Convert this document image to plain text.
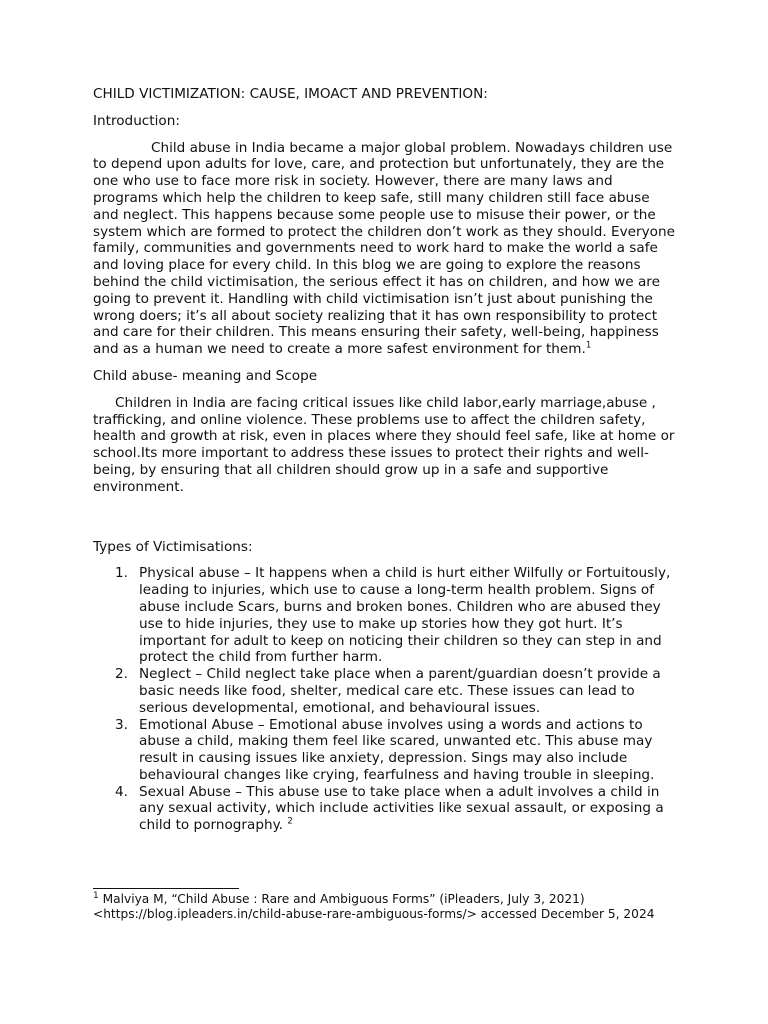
CHILD VICTIMIZATION: CAUSE, IMOACT AND PREVENTION:

Introduction:

Child abuse in India became a major global problem. Nowadays children use to depend upon adults for love, care, and protection but unfortunately, they are the one who use to face more risk in society. However, there are many laws and programs which help the children to keep safe, still many children still face abuse and neglect. This happens because some people use to misuse their power, or the system which are formed to protect the children don’t work as they should. Everyone family, communities and governments need to work hard to make the world a safe and loving place for every child. In this blog we are going to explore the reasons behind the child victimisation, the serious effect it has on children, and how we are going to prevent it. Handling with child victimisation isn’t just about punishing the wrong doers; it’s all about society realizing that it has own responsibility to protect and care for their children. This means ensuring their safety, well-being, happiness and as a human we need to create a more safest environment for them.$^1$

Child abuse- meaning and Scope

Children in India are facing critical issues like child labor,early marriage,abuse , trafficking, and online violence. These problems use to affect the children safety, health and growth at risk, even in places where they should feel safe, like at home or school.Its more important to address these issues to protect their rights and well-being, by ensuring that all children should grow up in a safe and supportive environment.

Types of Victimisations:

1. Physical abuse – It happens when a child is hurt either Wilfully or Fortuitously, leading to injuries, which use to cause a long-term health problem. Signs of abuse include Scars, burns and broken bones. Children who are abused they use to hide injuries, they use to make up stories how they got hurt. It’s important for adult to keep on noticing their children so they can step in and protect the child from further harm.
2. Neglect – Child neglect take place when a parent/guardian doesn’t provide a basic needs like food, shelter, medical care etc. These issues can lead to serious developmental, emotional, and behavioural issues.
3. Emotional Abuse – Emotional abuse involves using a words and actions to abuse a child, making them feel like scared, unwanted etc. This abuse may result in causing issues like anxiety, depression. Sings may also include behavioural changes like crying, fearfulness and having trouble in sleeping.
4. Sexual Abuse – This abuse use to take place when a adult involves a child in any sexual activity, which include activities like sexual assault, or exposing a child to pornography. $^2$
$^1$ Malviya M, “Child Abuse : Rare and Ambiguous Forms” (iPleaders, July 3, 2021) <https://blog.ipleaders.in/child-abuse-rare-ambiguous-forms/> accessed December 5, 2024
